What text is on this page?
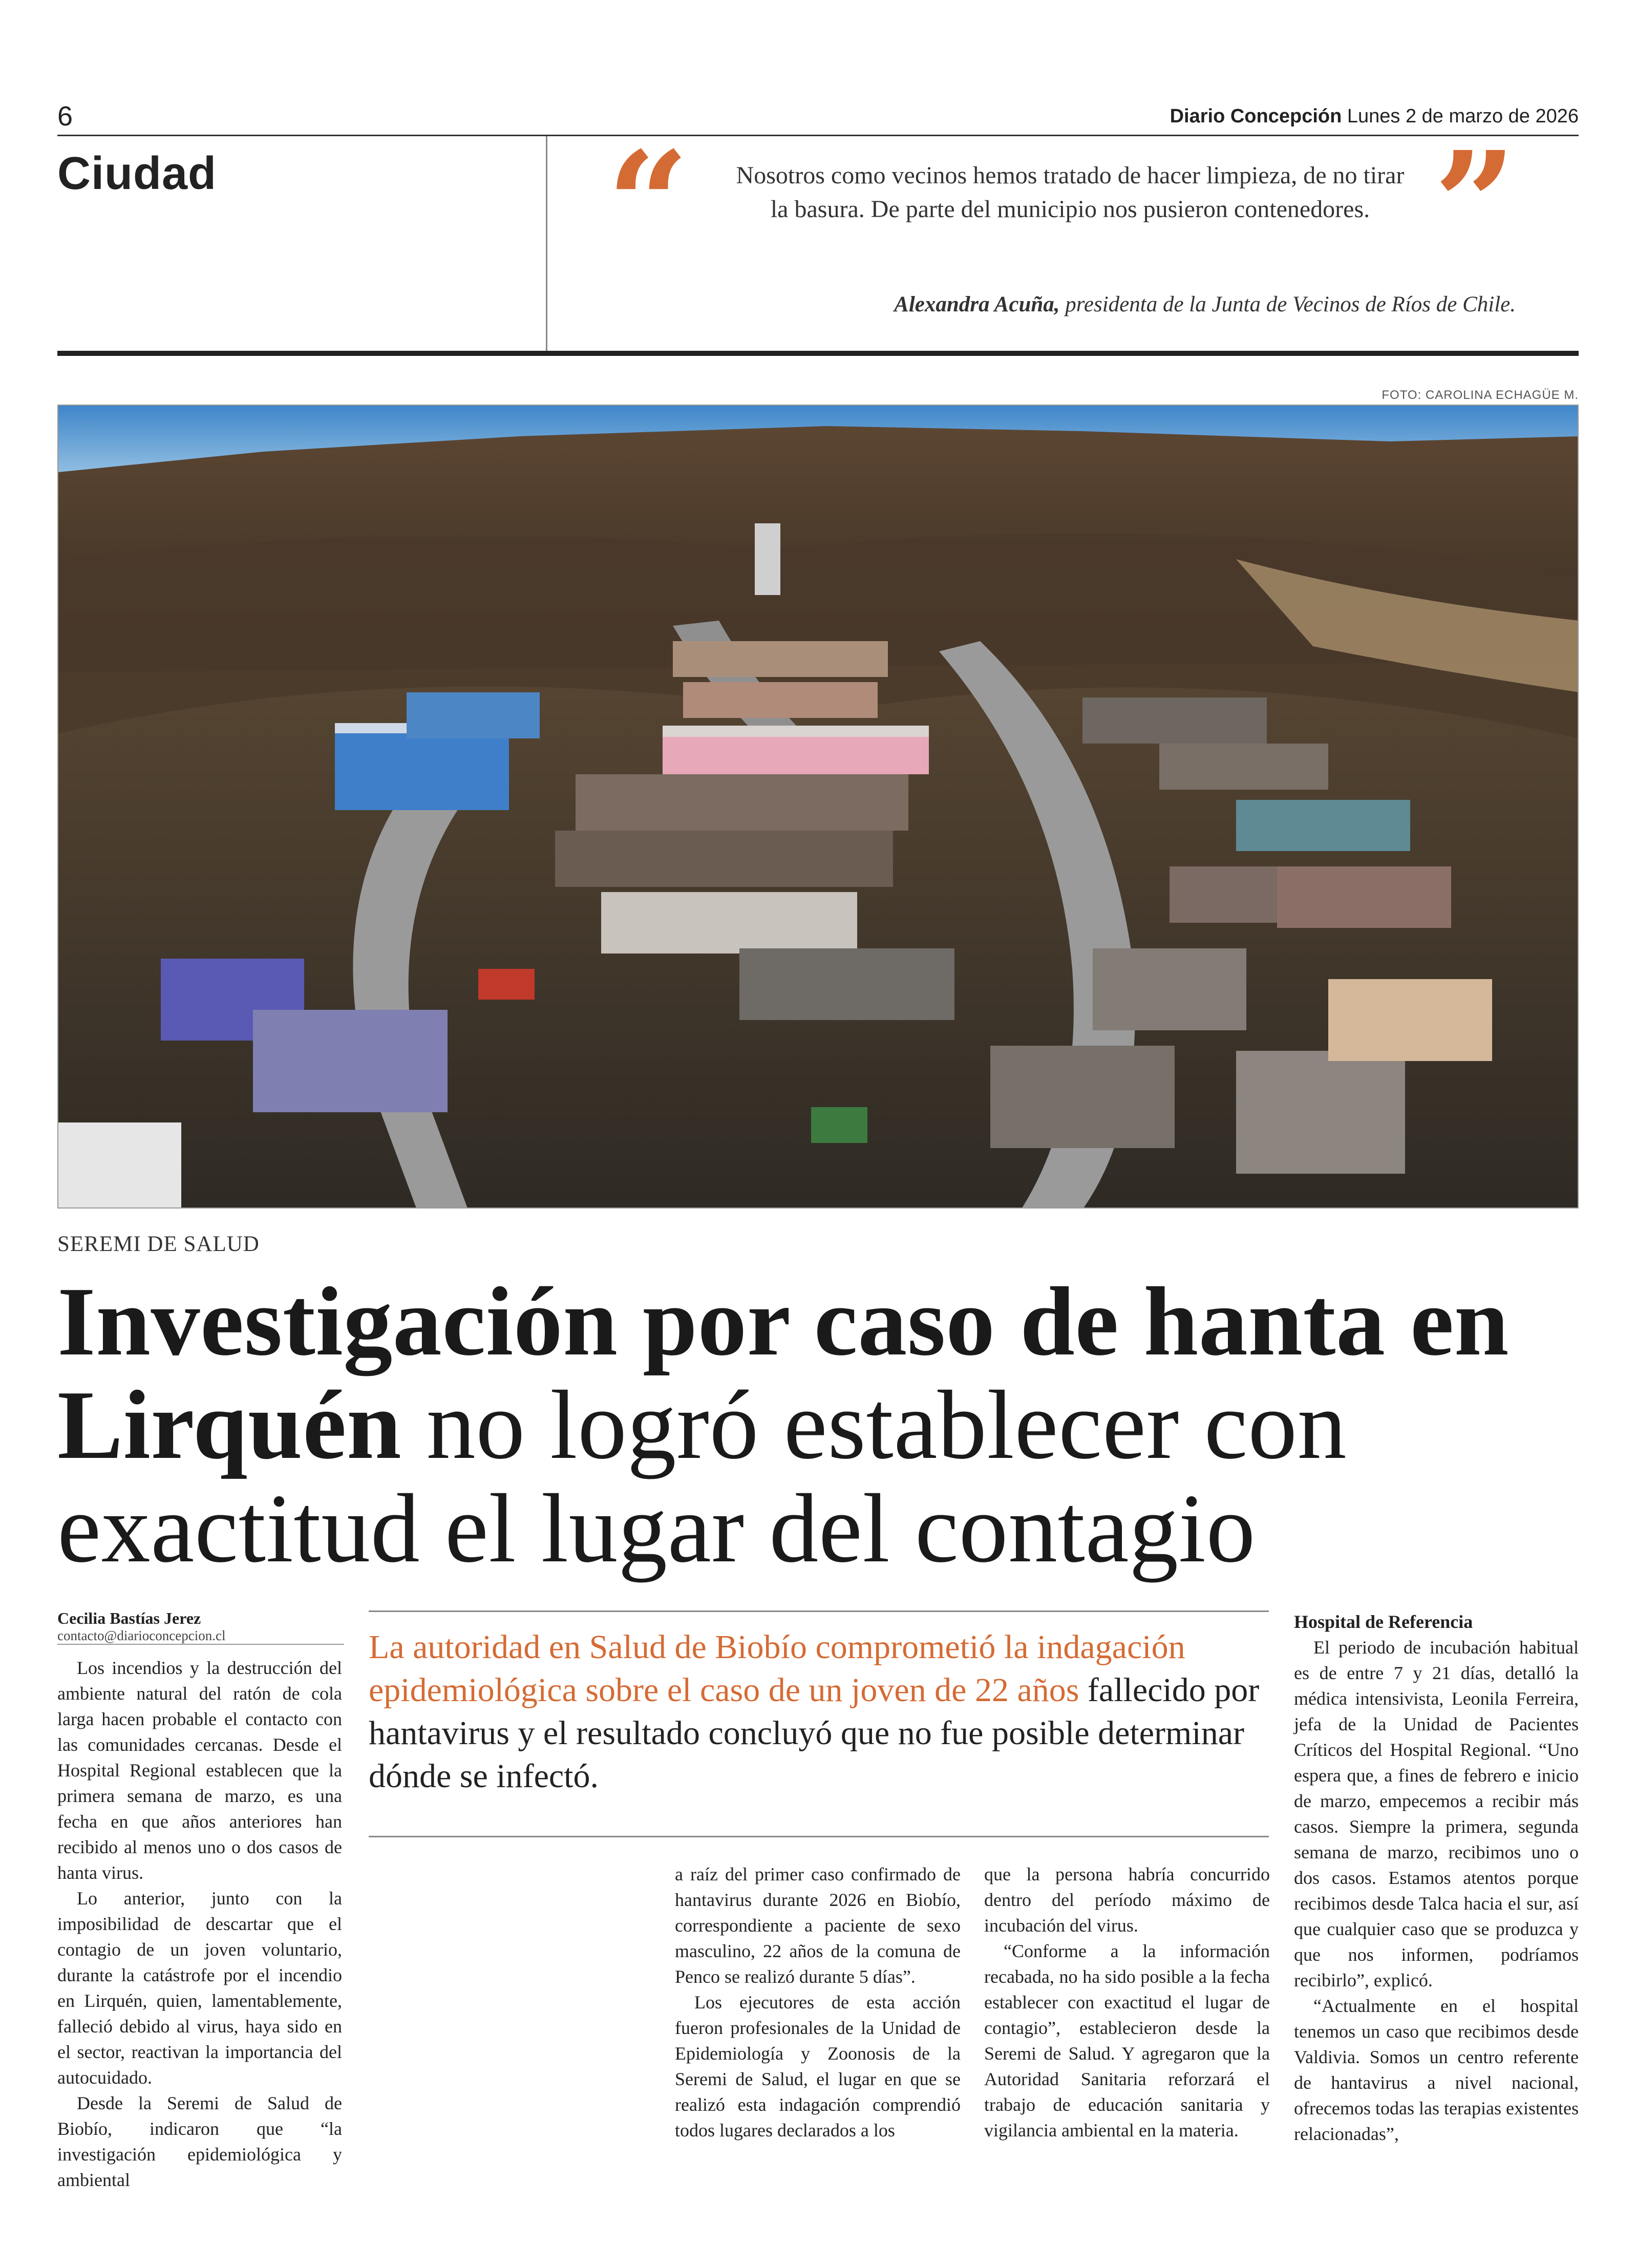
6	Diario Concepción Lunes 2 de marzo de 2026
Ciudad	“	”
Nosotros como vecinos hemos tratado de hacer limpieza, de no tirar la basura. De parte del municipio nos pusieron contenedores.
Alexandra Acuña, presidenta de la Junta de Vecinos de Ríos de Chile.
FOTO: CAROLINA ECHAGÜE M.
SEREMI DE SALUD
Investigación por caso de hanta en Lirquén no logró establecer con exactitud el lugar del contagio
Cecilia Bastías Jerez
contacto@diarioconcepcion.cl	La autoridad en Salud de Biobío comprometió la indagación epidemiológica sobre el caso de un joven de 22 años fallecido por hantavirus y el resultado concluyó que no fue posible determinar dónde se infectó.

Los incendios y la destrucción del ambiente natural del ratón de cola larga hacen probable el contacto con las comunidades cercanas. Desde el Hospital Regional establecen que la primera semana de marzo, es una fecha en que años anteriores han recibido al menos uno o dos casos de hanta virus.

Lo anterior, junto con la imposibilidad de descartar que el contagio de un joven voluntario, durante la catástrofe por el incendio en Lirquén, quien, lamentablemente, falleció debido al virus, haya sido en el sector, reactivan la importancia del autocuidado.

Desde la Seremi de Salud de Biobío, indicaron que “la investigación epidemiológica y ambiental

a raíz del primer caso confirmado de hantavirus durante 2026 en Biobío, correspondiente a paciente de sexo masculino, 22 años de la comuna de Penco se realizó durante 5 días”.

Los ejecutores de esta acción fueron profesionales de la Unidad de Epidemiología y Zoonosis de la Seremi de Salud, el lugar en que se realizó esta indagación comprendió todos lugares declarados a los

que la persona habría concurrido dentro del período máximo de incubación del virus.

“Conforme a la información recabada, no ha sido posible a la fecha establecer con exactitud el lugar de contagio”, establecieron desde la Seremi de Salud. Y agregaron que la Autoridad Sanitaria reforzará el trabajo de educación sanitaria y vigilancia ambiental en la materia.

Hospital de Referencia

El periodo de incubación habitual es de entre 7 y 21 días, detalló la médica intensivista, Leonila Ferreira, jefa de la Unidad de Pacientes Críticos del Hospital Regional. “Uno espera que, a fines de febrero e inicio de marzo, empecemos a recibir más casos. Siempre la primera, segunda semana de marzo, recibimos uno o dos casos. Estamos atentos porque recibimos desde Talca hacia el sur, así que cualquier caso que se produzca y que nos informen, podríamos recibirlo”, explicó.

“Actualmente en el hospital tenemos un caso que recibimos desde Valdivia. Somos un centro referente de hantavirus a nivel nacional, ofrecemos todas las terapias existentes relacionadas”,
